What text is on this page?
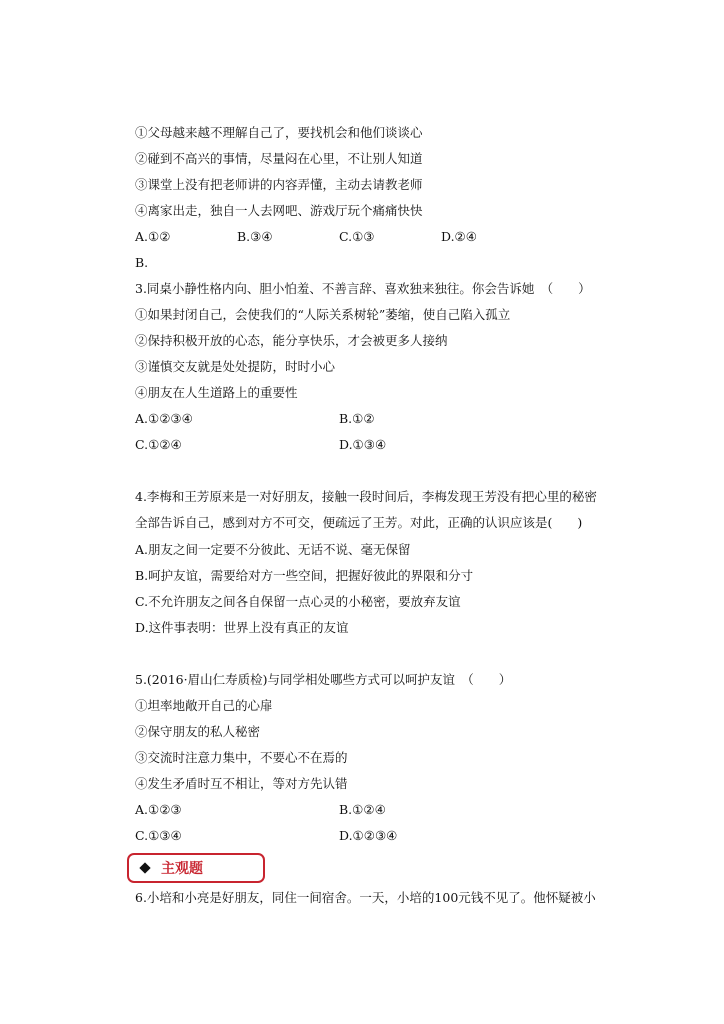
①父母越来越不理解自己了，要找机会和他们谈谈心
②碰到不高兴的事情，尽量闷在心里，不让别人知道
③课堂上没有把老师讲的内容弄懂，主动去请教老师
④离家出走，独自一人去网吧、游戏厅玩个痛痛快快
A.①②	B.③④	C.①③	D.②④
B.
3.同桌小静性格内向、胆小怕羞、不善言辞、喜欢独来独往。你会告诉她　（　　）
①如果封闭自己，会使我们的“人际关系树轮”萎缩，使自己陷入孤立
②保持积极开放的心态，能分享快乐，才会被更多人接纳
③谨慎交友就是处处提防，时时小心
④朋友在人生道路上的重要性
A.①②③④	B.①②
C.①②④	D.①③④
4.李梅和王芳原来是一对好朋友，接触一段时间后，李梅发现王芳没有把心里的秘密
全部告诉自己，感到对方不可交，便疏远了王芳。对此，正确的认识应该是(　　)
A.朋友之间一定要不分彼此、无话不说、毫无保留
B.呵护友谊，需要给对方一些空间，把握好彼此的界限和分寸
C.不允许朋友之间各自保留一点心灵的小秘密，要放弃友谊
D.这件事表明：世界上没有真正的友谊
5.(2016·眉山仁寿质检)与同学相处哪些方式可以呵护友谊　（　　）
①坦率地敞开自己的心扉
②保守朋友的私人秘密
③交流时注意力集中，不要心不在焉的
④发生矛盾时互不相让，等对方先认错
A.①②③	B.①②④
C.①③④	D.①②③④
主观题
6.小培和小亮是好朋友，同住一间宿舍。一天，小培的100元钱不见了。他怀疑被小
